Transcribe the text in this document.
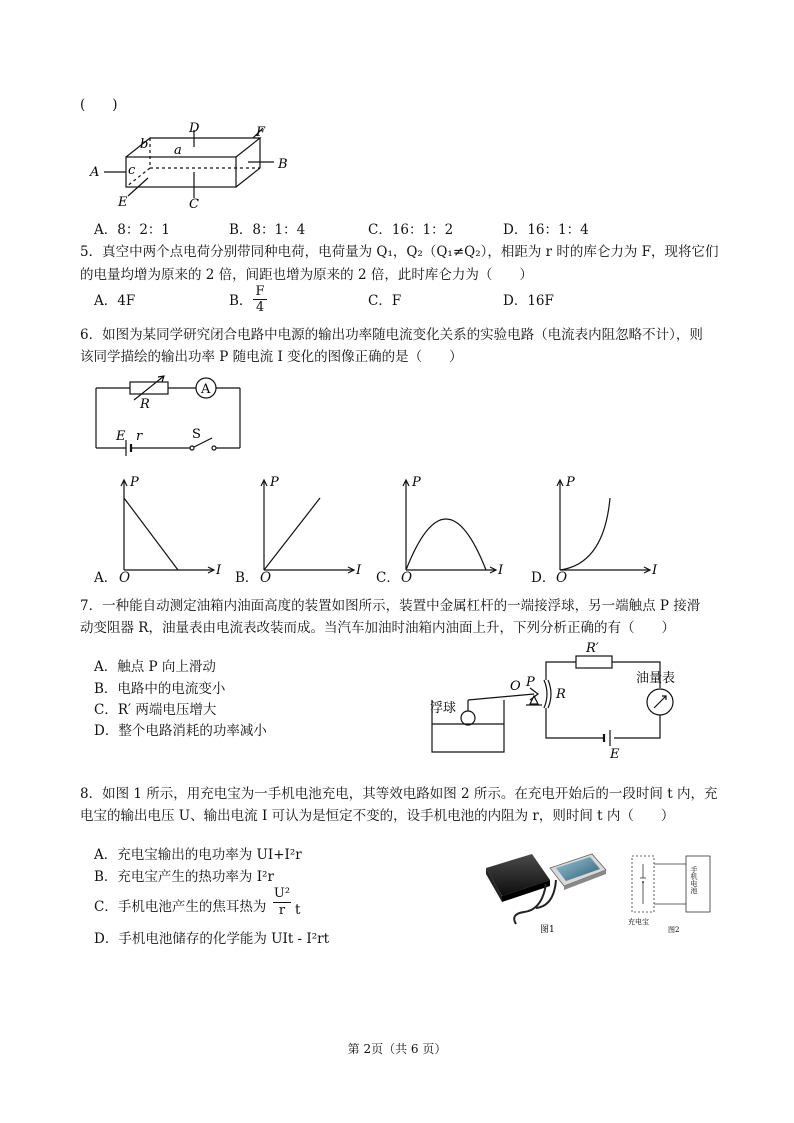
(　　)
A
B
C
D
E
F
a
b
c
A．8：2：1	B．8：1：4	C．16：1：2	D．16：1：4
5．真空中两个点电荷分别带同种电荷，电荷量为 Q₁，Q₂（Q₁≠Q₂），相距为 r 时的库仑力为 F，现将它们
的电量均增为原来的 2 倍，间距也增为原来的 2 倍，此时库仑力为（　　）
A．4F	B． $\frac{F}{4}$	C．F	D．16F
6．如图为某同学研究闭合电路中电源的输出功率随电流变化关系的实验电路（电流表内阻忽略不计），则
该同学描绘的输出功率 P 随电流 I 变化的图像正确的是（　　）
R
A
E r	S
P
I
P
I
P
I
P
I
A． O	B． O	C． O	D． O
7．一种能自动测定油箱内油面高度的装置如图所示，装置中金属杠杆的一端接浮球，另一端触点 P 接滑
动变阻器 R，油量表由电流表改装而成。当汽车加油时油箱内油面上升，下列分析正确的有（　　）
A．触点 P 向上滑动
B．电路中的电流变小
C．R′ 两端电压增大
D．整个电路消耗的功率减小
R′
浮球
O P
R
油量表
E
8．如图 1 所示，用充电宝为一手机电池充电，其等效电路如图 2 所示。在充电开始后的一段时间 t 内，充
电宝的输出电压 U、输出电流 I 可认为是恒定不变的，设手机电池的内阻为 r，则时间 t 内（　　）
A．充电宝输出的电功率为 UI+I²r
B．充电宝产生的热功率为 I²r
C．手机电池产生的焦耳热为 $\frac{\text{U²}}{r}$ t
D．手机电池储存的化学能为 UIt - I²rt
图1
手机电池
充电宝
图2
第 2页（共 6 页）
